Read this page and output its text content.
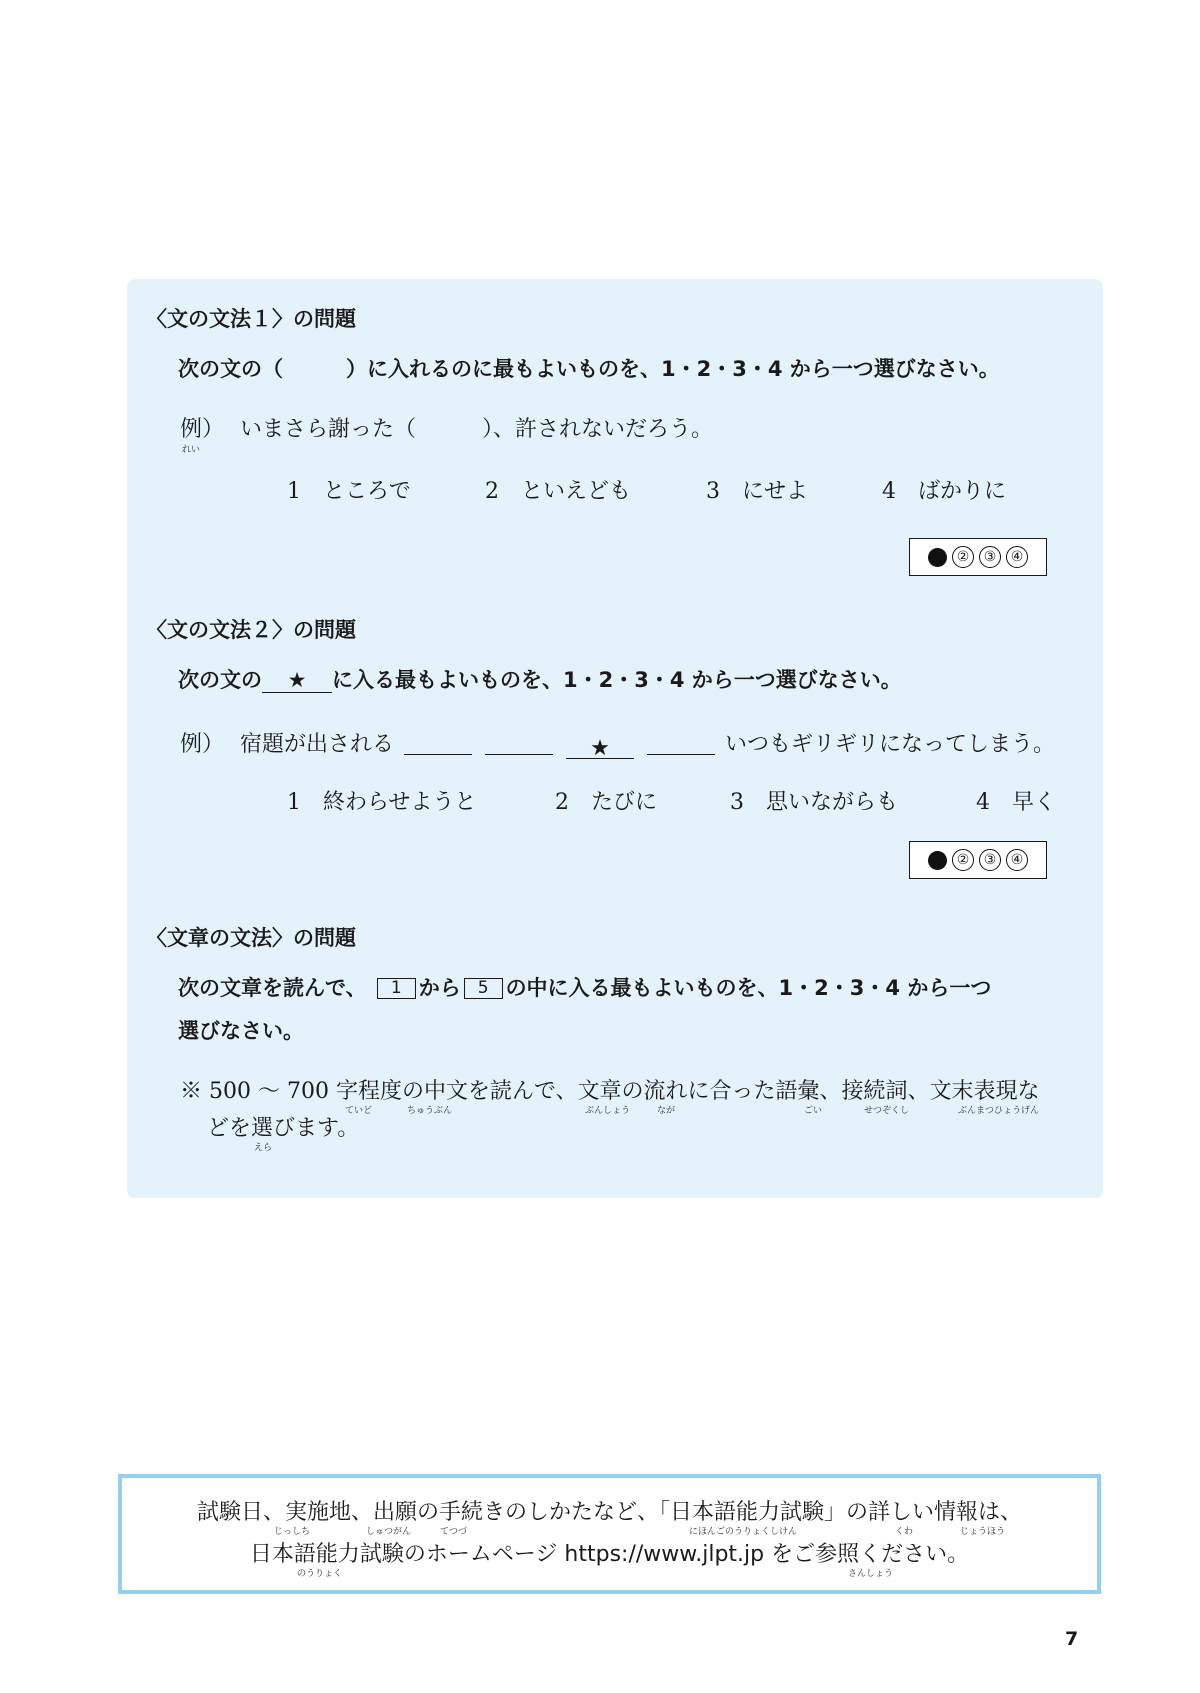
〈文の文法１〉の問題
次の文の（　　　）に入れるのに最もよいものを、1・2・3・4 から一つ選びなさい。
例）
れい
いまさら謝った（　　　）、許されないだろう。
1　 ところで	2　 といえども	3　 にせよ	4　 ばかりに
②	③	④
〈文の文法２〉の問題
次の文の ★ に入る最もよいものを、1・2・3・4 から一つ選びなさい。
例） 宿題が出される	★	いつもギリギリになってしまう。
1　 終わらせようと	2　 たびに	3　 思いながらも	4　 早く
②	③	④
〈文章の文法〉の問題
次の文章を読んで、 1 から 5 の中に入る最もよいものを、1・2・3・4 から一つ
選びなさい。
※ 500 〜 700 字程度の中文を読んで、文章の流れに合った語彙、接続詞、文末表現な
ていど	ちゅうぶん	ぶんしょう	なが	ごい	せつぞくし	ぶんまつひょうげん
どを選びます。
えら
試験日、実施地、出願の手続きのしかたなど、「日本語能力試験」の詳しい情報は、
じっしち	しゅつがん	てつづ	にほんごのうりょくしけん	くわ	じょうほう
日本語能力試験のホームページ https://www.jlpt.jp をご参照ください。
のうりょく	さんしょう
7
